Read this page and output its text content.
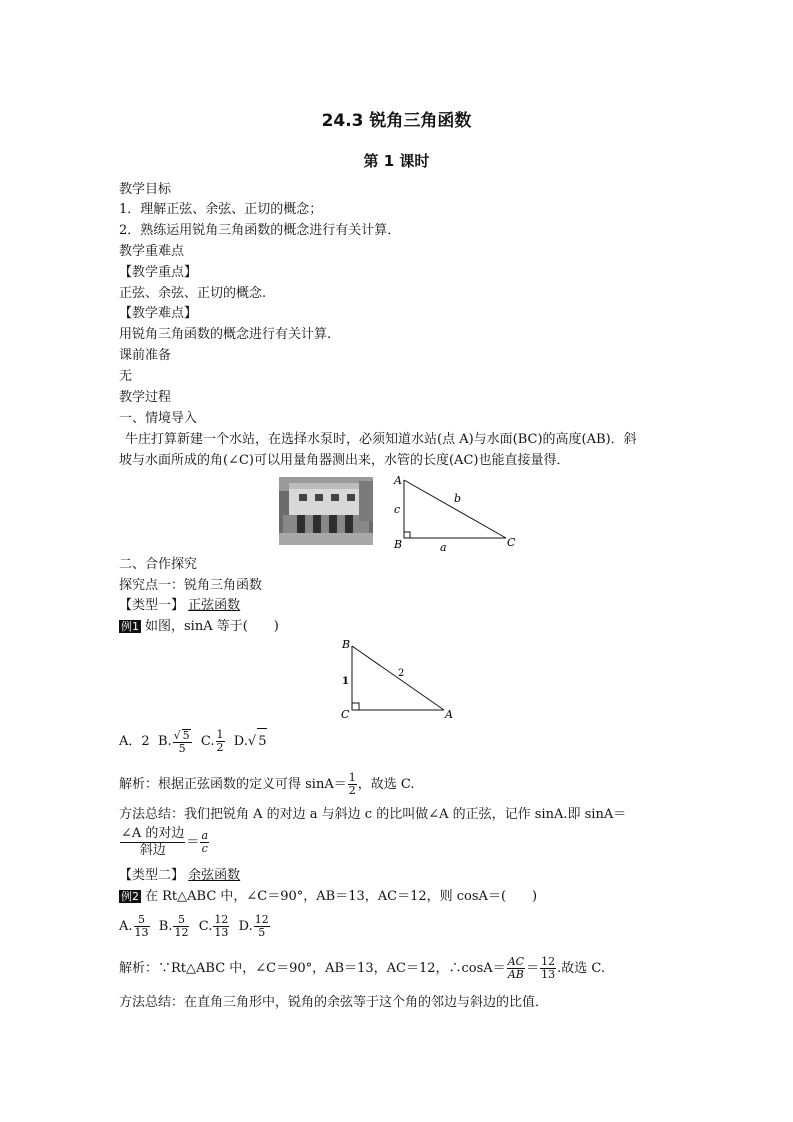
24.3 锐角三角函数
第 1 课时
教学目标
1．理解正弦、余弦、正切的概念；
2．熟练运用锐角三角函数的概念进行有关计算．
教学重难点
【教学重点】
正弦、余弦、正切的概念.
【教学难点】
用锐角三角函数的概念进行有关计算.
课前准备
无
教学过程
一、情境导入
牛庄打算新建一个水站，在选择水泵时，必须知道水站(点 A)与水面(BC)的高度(AB)．斜
坡与水面所成的角(∠C)可以用量角器测出来，水管的长度(AC)也能直接量得．
A
B	C
a
b
c
二、合作探究
探究点一：锐角三角函数
【类型一】 正弦函数
例1 如图，sinA 等于(　　)
B
C	A
2
1
A．2 B. $\frac{√ 5}{5} C$. $\frac{1}{2} D.√$ 5
解析：根据正弦函数的定义可得 $\sin A= \frac{1}{2}$ ，故选 C.
方法总结：我们把锐角 A 的对边 a 与斜边 c 的比叫做∠A 的正弦，记作 sinA.即 sinA＝
$\frac{\text{∠A 的对边}}{\text{斜边}} = \frac{a}{c}$
【类型二】 余弦函数
例2 在 Rt△ABC 中，∠C＝90°，AB＝13，AC＝12，则 cosA＝(　　)
A. $\frac{5}{13} B$. $\frac{5}{12} C$. $\frac{12}{13} D$. $\frac{12}{5}$
解析：∵Rt△ABC 中，∠C＝90°，AB＝13，AC＝12，∴cosA＝ $\frac{AC}{AB} = \frac{12}{13}$ .故选 C.
方法总结：在直角三角形中，锐角的余弦等于这个角的邻边与斜边的比值．
